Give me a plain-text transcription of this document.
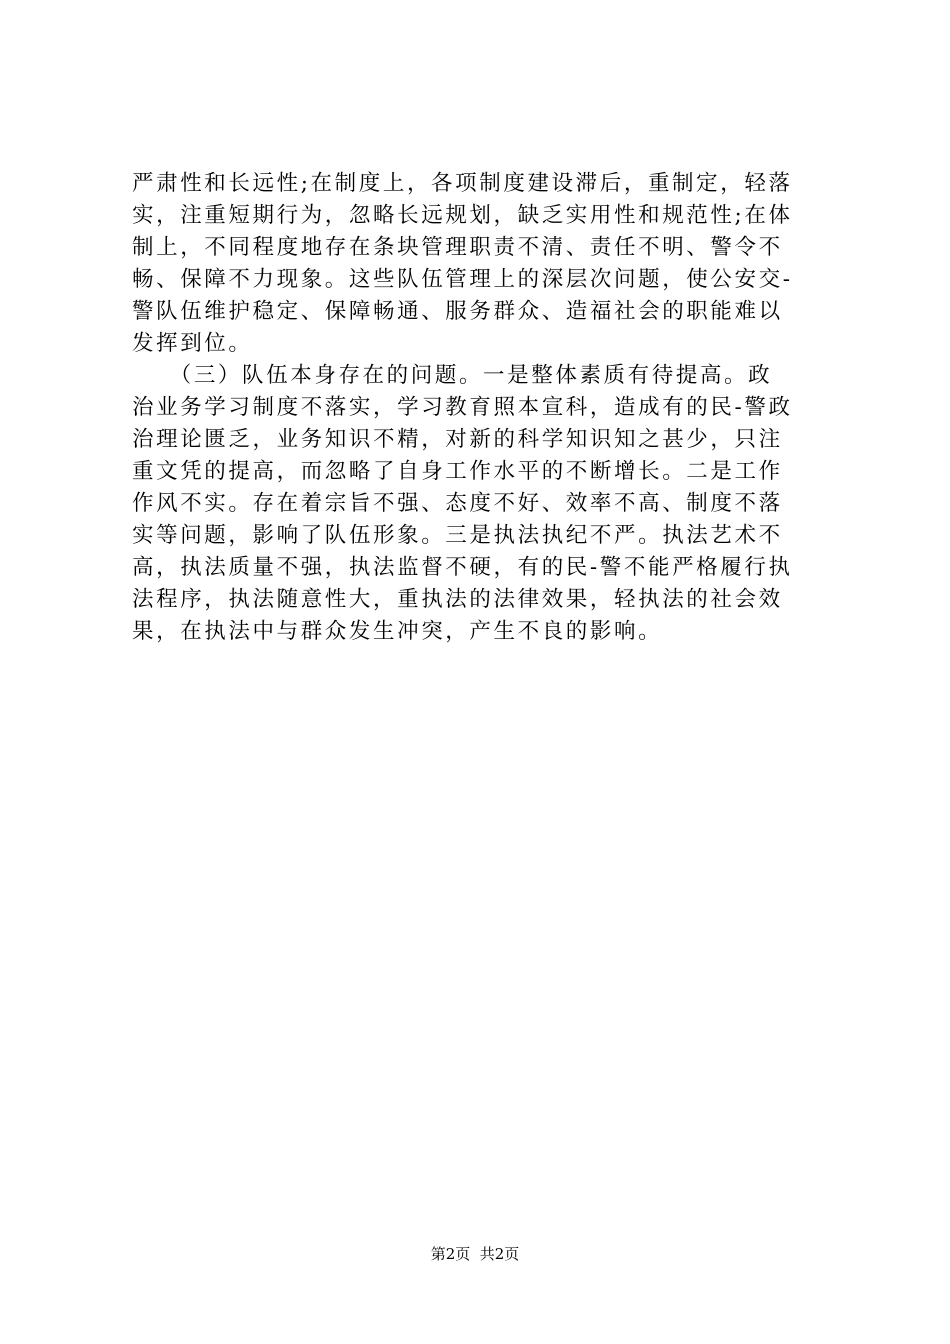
严肃性和长远性;在制度上，各项制度建设滞后，重制定，轻落
实，注重短期行为，忽略长远规划，缺乏实用性和规范性;在体
制上，不同程度地存在条块管理职责不清、责任不明、警令不
畅、保障不力现象。这些队伍管理上的深层次问题，使公安交-
警队伍维护稳定、保障畅通、服务群众、造福社会的职能难以
发挥到位。
（三）队伍本身存在的问题。一是整体素质有待提高。政
治业务学习制度不落实，学习教育照本宣科，造成有的民-警政
治理论匮乏，业务知识不精，对新的科学知识知之甚少，只注
重文凭的提高，而忽略了自身工作水平的不断增长。二是工作
作风不实。存在着宗旨不强、态度不好、效率不高、制度不落
实等问题，影响了队伍形象。三是执法执纪不严。执法艺术不
高，执法质量不强，执法监督不硬，有的民-警不能严格履行执
法程序，执法随意性大，重执法的法律效果，轻执法的社会效
果，在执法中与群众发生冲突，产生不良的影响。
第2页  共2页
